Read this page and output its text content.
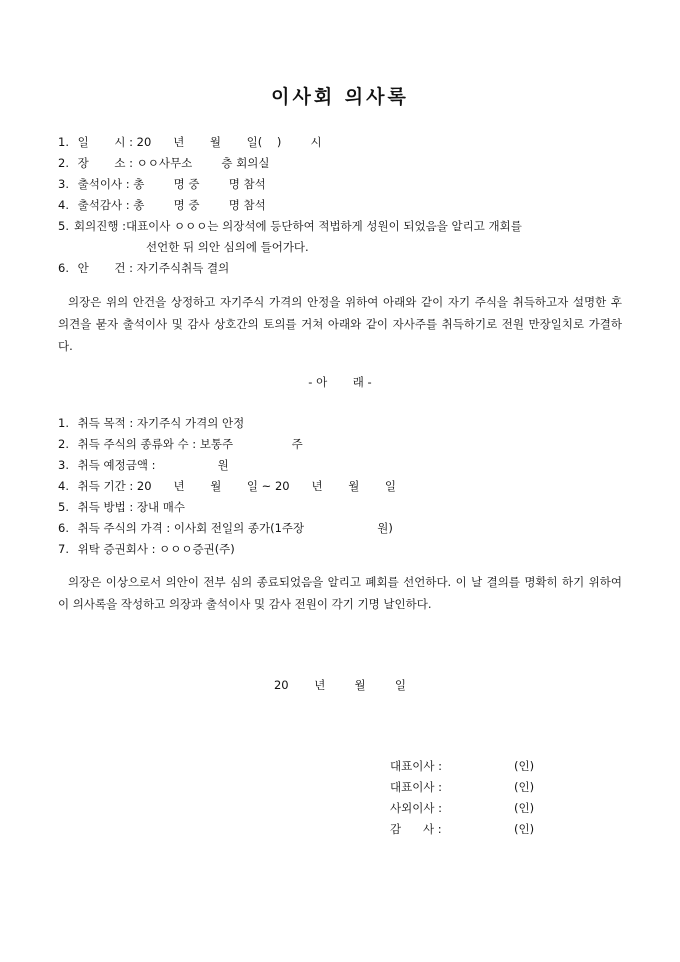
이사회 의사록
1. 일       시 : 20      년       월       일(    )        시
2. 장       소 : ㅇㅇ사무소        층 회의실
3. 출석이사 : 총        명 중        명 참석
4. 출석감사 : 총        명 중        명 참석
5. 회의진행 :대표이사 ㅇㅇㅇ는 의장석에 등단하여 적법하게 성원이 되었음을 알리고 개회를
선언한 뒤 의안 심의에 들어가다.
6. 안       건 : 자기주식취득 결의
의장은 위의 안건을 상정하고 자기주식 가격의 안정을 위하여 아래와 같이 자기 주식을 취득하고자 설명한 후 의견을 묻자 출석이사 및 감사 상호간의 토의를 거쳐 아래와 같이 자사주를 취득하기로 전원 만장일치로 가결하다.
- 아       래 -
1. 취득 목적 : 자기주식 가격의 안정
2. 취득 주식의 종류와 수 : 보통주                주
3. 취득 예정금액 :                 원
4. 취득 기간 : 20      년       월       일 ~ 20      년       월       일
5. 취득 방법 : 장내 매수
6. 취득 주식의 가격 : 이사회 전일의 종가(1주장                    원)
7. 위탁 증권회사 : ㅇㅇㅇ증권(주)
의장은 이상으로서 의안이 전부 심의 종료되었음을 알리고 폐회를 선언하다. 이 날 결의를 명확히 하기 위하여 이 의사록을 작성하고 의장과 출석이사 및 감사 전원이 각기 기명 날인하다.
20       년        월        일
대표이사 :	(인)
대표이사 :	(인)
사외이사 :	(인)
감      사 :	(인)
